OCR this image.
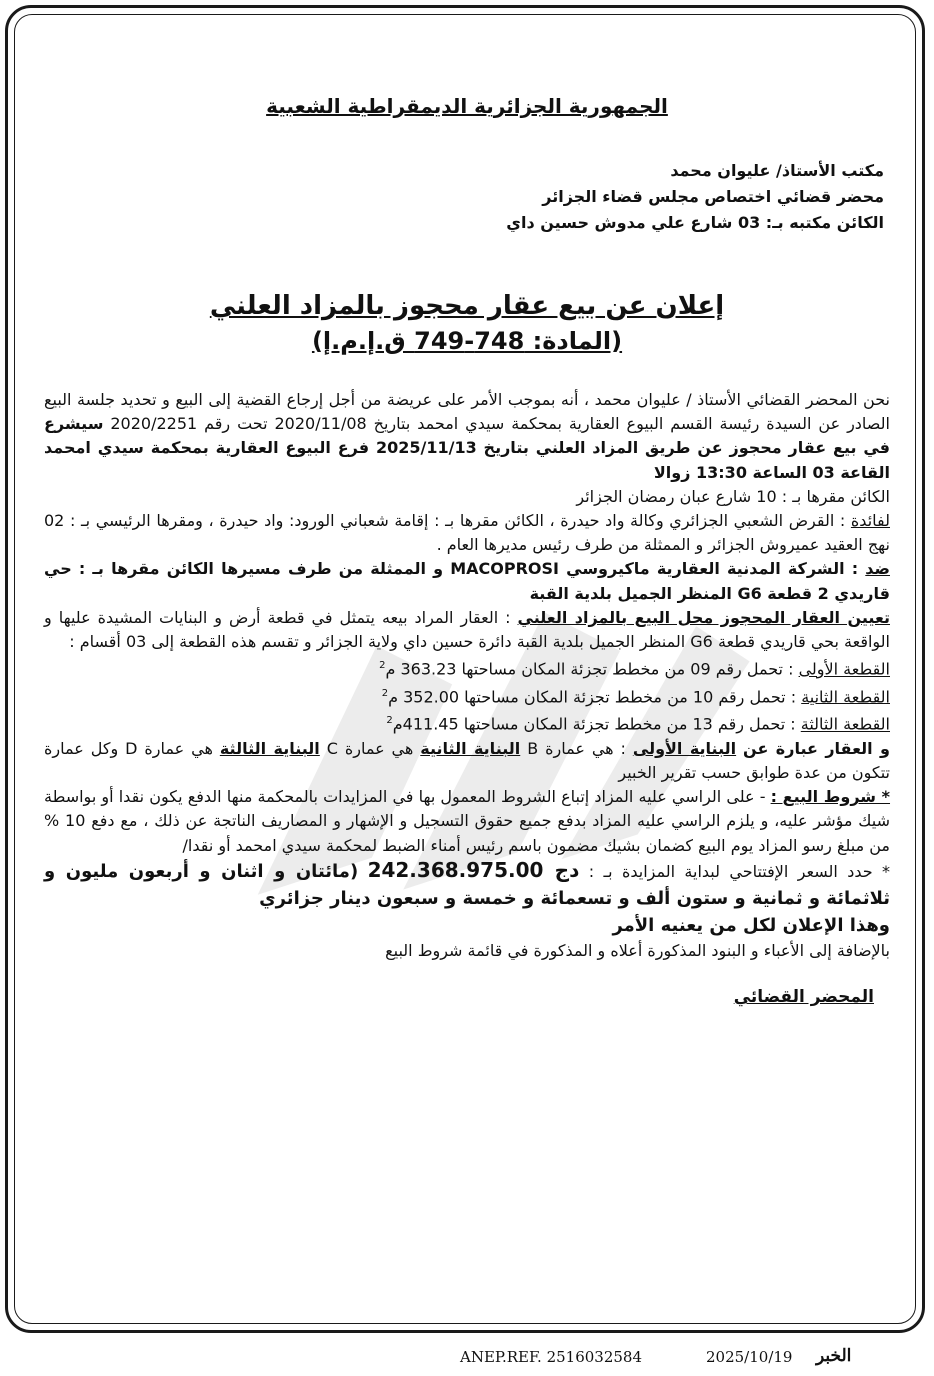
الجمهورية الجزائرية الديمقراطية الشعبية
مكتب الأستاذ/ عليوان محمد
محضر قضائي اختصاص مجلس قضاء الجزائر
الكائن مكتبه بـ: 03 شارع علي مدوش حسين داي
إعلان عن بيع عقار محجوز بالمزاد العلني
(المادة: 748-749 ق.إ.م.إ)
نحن المحضر القضائي الأستاذ / عليوان محمد ، أنه بموجب الأمر على عريضة من أجل إرجاع القضية إلى البيع و تحديد جلسة البيع الصادر عن السيدة رئيسة القسم البيوع العقارية بمحكمة سيدي امحمد بتاريخ 2020/11/08 تحت رقم 2020/2251 سيشرع في بيع عقار محجوز عن طريق المزاد العلني بتاريخ 2025/11/13 فرع البيوع العقارية بمحكمة سيدي امحمد القاعة 03 الساعة 13:30 زوالا
الكائن مقرها بـ : 10 شارع عبان رمضان الجزائر
لفائدة : القرض الشعبي الجزائري وكالة واد حيدرة ، الكائن مقرها بـ : إقامة شعباني الورود: واد حيدرة ، ومقرها الرئيسي بـ : 02 نهج العقيد عميروش الجزائر و الممثلة من طرف رئيس مديرها العام .
ضد : الشركة المدنية العقارية ماكيروسي MACOPROSI و الممثلة من طرف مسيرها الكائن مقرها بـ : حي قاريدي 2 قطعة G6 المنظر الجميل بلدية القبة
تعيين العقار المحجوز محل البيع بالمزاد العلني : العقار المراد بيعه يتمثل في قطعة أرض و البنايات المشيدة عليها و الواقعة بحي قاريدي قطعة G6 المنظر الجميل بلدية القبة دائرة حسين داي ولاية الجزائر و تقسم هذه القطعة إلى 03 أقسام :
القطعة الأولى : تحمل رقم 09 من مخطط تجزئة المكان مساحتها 363.23 م$^2$
القطعة الثانية : تحمل رقم 10 من مخطط تجزئة المكان مساحتها 352.00 م$^2$
القطعة الثالثة : تحمل رقم 13 من مخطط تجزئة المكان مساحتها 411.45م$^2$
و العقار عبارة عن البناية الأولى : هي عمارة B البناية الثانية هي عمارة C البناية الثالثة هي عمارة D وكل عمارة تتكون من عدة طوابق حسب تقرير الخبير
* شروط البيع : - على الراسي عليه المزاد إتباع الشروط المعمول بها في المزايدات بالمحكمة منها الدفع يكون نقدا أو بواسطة شيك مؤشر عليه، و يلزم الراسي عليه المزاد بدفع جميع حقوق التسجيل و الإشهار و المصاريف الناتجة عن ذلك ، مع دفع 10 % من مبلغ رسو المزاد يوم البيع كضمان بشيك مضمون باسم رئيس أمناء الضبط لمحكمة سيدي امحمد أو نقدا/
* حدد السعر الإفتتاحي لبداية المزايدة بـ : 242.368.975.00 دج (مائتان و اثنان و أربعون مليون و ثلاثمائة و ثمانية و ستون ألف و تسعمائة و خمسة و سبعون دينار جزائري
وهذا الإعلان لكل من يعنيه الأمر
بالإضافة إلى الأعباء و البنود المذكورة أعلاه و المذكورة في قائمة شروط البيع
المحضر القضائي
ANEP.REF. 2516032584	2025/10/19 الخبر
